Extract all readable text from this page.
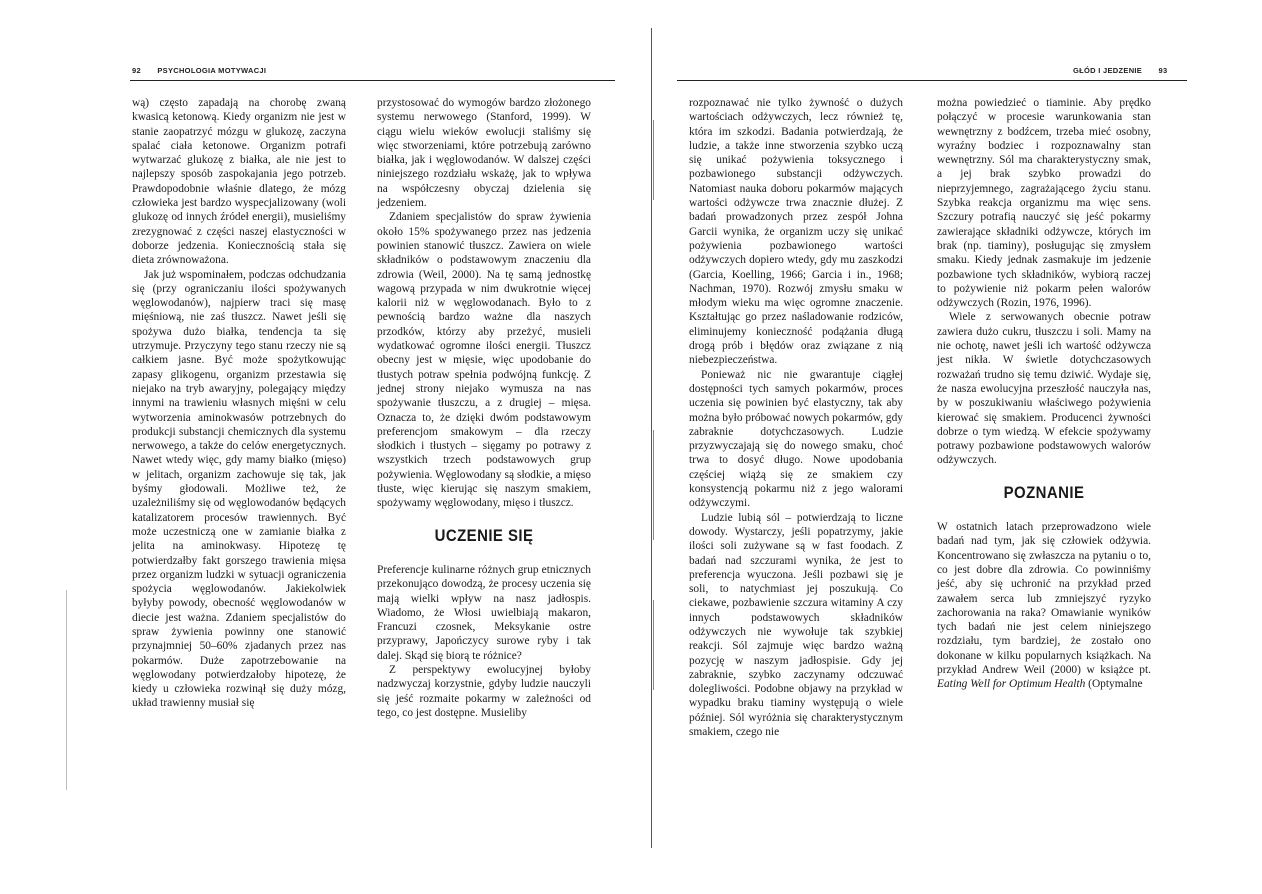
92 PSYCHOLOGIA MOTYWACJI

wą) często zapadają na chorobę zwaną kwasicą ketonową. Kiedy organizm nie jest w stanie zaopatrzyć mózgu w glukozę, zaczyna spalać ciała ketonowe. Organizm potrafi wytwarzać glukozę z białka, ale nie jest to najlepszy sposób zaspokajania jego potrzeb. Prawdopodobnie właśnie dlatego, że mózg człowieka jest bardzo wyspecjalizowany (woli glukozę od innych źródeł energii), musieliśmy zrezygnować z części naszej elastyczności w doborze jedzenia. Koniecznością stała się dieta zrównoważona.

Jak już wspominałem, podczas odchudzania się (przy ograniczaniu ilości spożywanych węglowodanów), najpierw traci się masę mięśniową, nie zaś tłuszcz. Nawet jeśli się spożywa dużo białka, tendencja ta się utrzymuje. Przyczyny tego stanu rzeczy nie są całkiem jasne. Być może spożytkowując zapasy glikogenu, organizm przestawia się niejako na tryb awaryjny, polegający między innymi na trawieniu własnych mięśni w celu wytworzenia aminokwasów potrzebnych do produkcji substancji chemicznych dla systemu nerwowego, a także do celów energetycznych. Nawet wtedy więc, gdy mamy białko (mięso) w jelitach, organizm zachowuje się tak, jak byśmy głodowali. Możliwe też, że uzależniliśmy się od węglowodanów będących katalizatorem procesów trawiennych. Być może uczestniczą one w zamianie białka z jelita na aminokwasy. Hipotezę tę potwierdzałby fakt gorszego trawienia mięsa przez organizm ludzki w sytuacji ograniczenia spożycia węglowodanów. Jakiekolwiek byłyby powody, obecność węglowodanów w diecie jest ważna. Zdaniem specjalistów do spraw żywienia powinny one stanowić przynajmniej 50–60% zjadanych przez nas pokarmów. Duże zapotrzebowanie na węglowodany potwierdzałoby hipotezę, że kiedy u człowieka rozwinął się duży mózg, układ trawienny musiał się

przystosować do wymogów bardzo złożonego systemu nerwowego (Stanford, 1999). W ciągu wielu wieków ewolucji staliśmy się więc stworzeniami, które potrzebują zarówno białka, jak i węglowodanów. W dalszej części niniejszego rozdziału wskażę, jak to wpływa na współczesny obyczaj dzielenia się jedzeniem.

Zdaniem specjalistów do spraw żywienia około 15% spożywanego przez nas jedzenia powinien stanowić tłuszcz. Zawiera on wiele składników o podstawowym znaczeniu dla zdrowia (Weil, 2000). Na tę samą jednostkę wagową przypada w nim dwukrotnie więcej kalorii niż w węglowodanach. Było to z pewnością bardzo ważne dla naszych przodków, którzy aby przeżyć, musieli wydatkować ogromne ilości energii. Tłuszcz obecny jest w mięsie, więc upodobanie do tłustych potraw spełnia podwójną funkcję. Z jednej strony niejako wymusza na nas spożywanie tłuszczu, a z drugiej – mięsa. Oznacza to, że dzięki dwóm podstawowym preferencjom smakowym – dla rzeczy słodkich i tłustych – sięgamy po potrawy z wszystkich trzech podstawowych grup pożywienia. Węglowodany są słodkie, a mięso tłuste, więc kierując się naszym smakiem, spożywamy węglowodany, mięso i tłuszcz.

UCZENIE SIĘ

Preferencje kulinarne różnych grup etnicznych przekonująco dowodzą, że procesy uczenia się mają wielki wpływ na nasz jadłospis. Wiadomo, że Włosi uwielbiają makaron, Francuzi czosnek, Meksykanie ostre przyprawy, Japończycy surowe ryby i tak dalej. Skąd się biorą te różnice?

Z perspektywy ewolucyjnej byłoby nadzwyczaj korzystnie, gdyby ludzie nauczyli się jeść rozmaite pokarmy w zależności od tego, co jest dostępne. Musieliby

GŁÓD I JEDZENIE 93

rozpoznawać nie tylko żywność o dużych wartościach odżywczych, lecz również tę, która im szkodzi. Badania potwierdzają, że ludzie, a także inne stworzenia szybko uczą się unikać pożywienia toksycznego i pozbawionego substancji odżywczych. Natomiast nauka doboru pokarmów mających wartości odżywcze trwa znacznie dłużej. Z badań prowadzonych przez zespół Johna Garcii wynika, że organizm uczy się unikać pożywienia pozbawionego wartości odżywczych dopiero wtedy, gdy mu zaszkodzi (Garcia, Koelling, 1966; Garcia i in., 1968; Nachman, 1970). Rozwój zmysłu smaku w młodym wieku ma więc ogromne znaczenie. Kształtując go przez naśladowanie rodziców, eliminujemy konieczność podążania długą drogą prób i błędów oraz związane z nią niebezpieczeństwa.

Ponieważ nic nie gwarantuje ciągłej dostępności tych samych pokarmów, proces uczenia się powinien być elastyczny, tak aby można było próbować nowych pokarmów, gdy zabraknie dotychczasowych. Ludzie przyzwyczajają się do nowego smaku, choć trwa to dosyć długo. Nowe upodobania częściej wiążą się ze smakiem czy konsystencją pokarmu niż z jego walorami odżywczymi.

Ludzie lubią sól – potwierdzają to liczne dowody. Wystarczy, jeśli popatrzymy, jakie ilości soli zużywane są w fast foodach. Z badań nad szczurami wynika, że jest to preferencja wyuczona. Jeśli pozbawi się je soli, to natychmiast jej poszukują. Co ciekawe, pozbawienie szczura witaminy A czy innych podstawowych składników odżywczych nie wywołuje tak szybkiej reakcji. Sól zajmuje więc bardzo ważną pozycję w naszym jadłospisie. Gdy jej zabraknie, szybko zaczynamy odczuwać dolegliwości. Podobne objawy na przykład w wypadku braku tiaminy występują o wiele później. Sól wyróżnia się charakterystycznym smakiem, czego nie

można powiedzieć o tiaminie. Aby prędko połączyć w procesie warunkowania stan wewnętrzny z bodźcem, trzeba mieć osobny, wyraźny bodziec i rozpoznawalny stan wewnętrzny. Sól ma charakterystyczny smak, a jej brak szybko prowadzi do nieprzyjemnego, zagrażającego życiu stanu. Szybka reakcja organizmu ma więc sens. Szczury potrafią nauczyć się jeść pokarmy zawierające składniki odżywcze, których im brak (np. tiaminy), posługując się zmysłem smaku. Kiedy jednak zasmakuje im jedzenie pozbawione tych składników, wybiorą raczej to pożywienie niż pokarm pełen walorów odżywczych (Rozin, 1976, 1996).

Wiele z serwowanych obecnie potraw zawiera dużo cukru, tłuszczu i soli. Mamy na nie ochotę, nawet jeśli ich wartość odżywcza jest nikła. W świetle dotychczasowych rozważań trudno się temu dziwić. Wydaje się, że nasza ewolucyjna przeszłość nauczyła nas, by w poszukiwaniu właściwego pożywienia kierować się smakiem. Producenci żywności dobrze o tym wiedzą. W efekcie spożywamy potrawy pozbawione podstawowych walorów odżywczych.

POZNANIE

W ostatnich latach przeprowadzono wiele badań nad tym, jak się człowiek odżywia. Koncentrowano się zwłaszcza na pytaniu o to, co jest dobre dla zdrowia. Co powinniśmy jeść, aby się uchronić na przykład przed zawałem serca lub zmniejszyć ryzyko zachorowania na raka? Omawianie wyników tych badań nie jest celem niniejszego rozdziału, tym bardziej, że zostało ono dokonane w kilku popularnych książkach. Na przykład Andrew Weil (2000) w książce pt. Eating Well for Optimum Health (Optymalne
